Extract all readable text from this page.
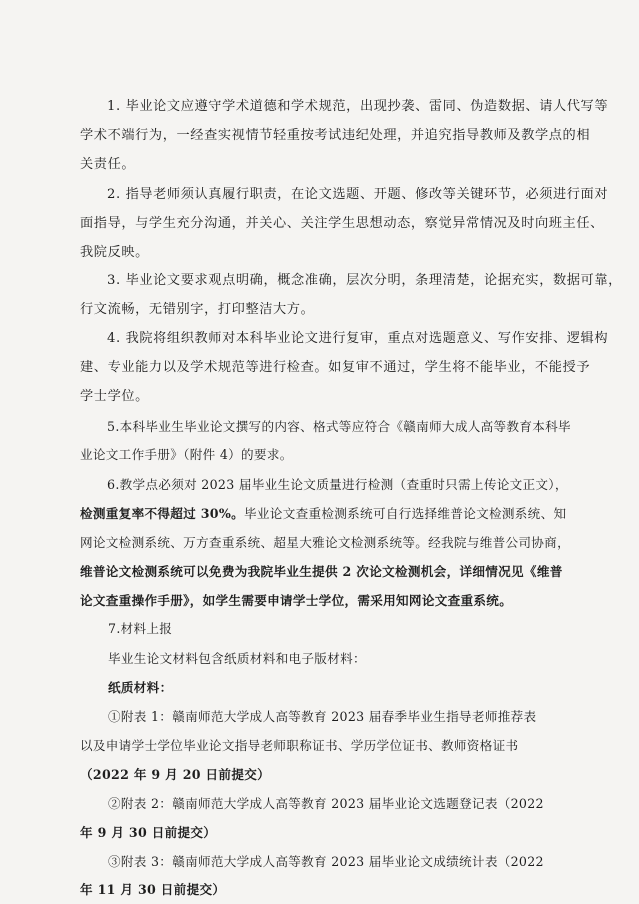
1. 毕业论文应遵守学术道德和学术规范，出现抄袭、雷同、伪造数据、请人代写等
学术不端行为，一经查实视情节轻重按考试违纪处理，并追究指导教师及教学点的相
关责任。
2. 指导老师须认真履行职责，在论文选题、开题、修改等关键环节，必须进行面对
面指导，与学生充分沟通，并关心、关注学生思想动态，察觉异常情况及时向班主任、
我院反映。
3. 毕业论文要求观点明确，概念准确，层次分明，条理清楚，论据充实，数据可靠，
行文流畅，无错别字，打印整洁大方。
4. 我院将组织教师对本科毕业论文进行复审，重点对选题意义、写作安排、逻辑构
建、专业能力以及学术规范等进行检查。如复审不通过，学生将不能毕业，不能授予
学士学位。
5.本科毕业生毕业论文撰写的内容、格式等应符合《赣南师大成人高等教育本科毕
业论文工作手册》（附件 4）的要求。
6.教学点必须对 2023 届毕业生论文质量进行检测（查重时只需上传论文正文），
检测重复率不得超过 30%。毕业论文查重检测系统可自行选择维普论文检测系统、知
网论文检测系统、万方查重系统、超星大雅论文检测系统等。经我院与维普公司协商，
维普论文检测系统可以免费为我院毕业生提供 2 次论文检测机会，详细情况见《维普
论文查重操作手册》，如学生需要申请学士学位，需采用知网论文查重系统。
7.材料上报
毕业生论文材料包含纸质材料和电子版材料：
纸质材料：
①附表 1：赣南师范大学成人高等教育 2023 届春季毕业生指导老师推荐表
以及申请学士学位毕业论文指导老师职称证书、学历学位证书、教师资格证书
（2022 年 9 月 20 日前提交）
②附表 2：赣南师范大学成人高等教育 2023 届毕业论文选题登记表（2022
年 9 月 30 日前提交）
③附表 3：赣南师范大学成人高等教育 2023 届毕业论文成绩统计表（2022
年 11 月 30 日前提交）
